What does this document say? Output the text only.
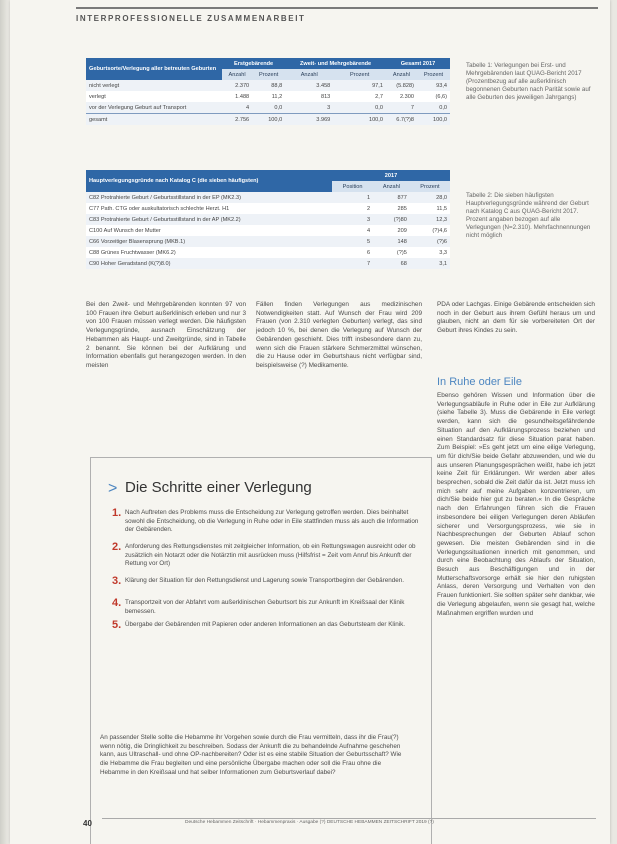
INTERPROFESSIONELLE ZUSAMMENARBEIT
Geburtsorte/Verlegung aller betreuten Geburten	Erstgebärende		Zweit- und Mehrgebärende		Gesamt 2017	
	Anzahl	Prozent	Anzahl	Prozent	Anzahl	Prozent
nicht verlegt	2.370	88,8	3.458	97,1	(5.828)	93,4
verlegt	1.488	11,2	813	2,7	2.300	(6,6)
vor der Verlegung Geburt auf Transport	4	0,0	3	0,0	7	0,0
gesamt	2.756	100,0	3.969	100,0	6.7(?)8	100,0
Tabelle 1: Verlegungen bei Erst- und Mehrgebärenden laut QUAG-Bericht 2017 (Prozentbezug auf alle außerklinisch begonnenen Geburten nach Parität sowie auf alle Geburten des jeweiligen Jahrgangs)
Hauptverlegungsgründe nach Katalog C (die sieben häufigsten)	2017		
	Position	Anzahl	Prozent
C82 Protrahierte Geburt / Geburtsstillstand in der EP (MK2.3)	1	877	28,0
C77 Path. CTG oder auskultatorisch schlechte Herzt. H1	2	285	11,5
C83 Protrahierte Geburt / Geburtsstillstand in der AP (MK2.2)	3	(?)80	12,3
C100 Auf Wunsch der Mutter	4	209	(?)4,6
C66 Vorzeitiger Blasensprung (MKB.1)	5	148	(?)6
C88 Grünes Fruchtwasser (MK6.2)	6	(?)5	3,3
C90 Hoher Geradstand (K(?)8.0)	7	68	3,1
Tabelle 2: Die sieben häufigsten Hauptverlegungsgründe während der Geburt nach Katalog C aus QUAG-Bericht 2017. Prozent angaben bezogen auf alle Verlegungen (N=2.310). Mehrfachnennungen nicht möglich
Bei den Zweit- und Mehrgebärenden konnten 97 von 100 Frauen ihre Geburt außerklinisch erleben und nur 3 von 100 Frauen müssen verlegt werden. Die häufigsten Verlegungsgründe, ausnach Einschätzung der Hebammen als Haupt- und Zweitgründe, sind in Tabelle 2 benannt. Sie können bei der Aufklärung und Information ebenfalls gut herangezogen werden. In den meisten
Fällen finden Verlegungen aus medizinischen Notwendigkeiten statt. Auf Wunsch der Frau wird 209 Frauen (von 2.310 verlegten Geburten) verlegt, das sind jedoch 10 %, bei denen die Verlegung auf Wunsch der Gebärenden geschieht. Dies trifft insbesondere dann zu, wenn sich die Frauen stärkere Schmerzmittel wünschen, die zu Hause oder im Geburtshaus nicht verfügbar sind, beispielsweise (?) Medikamente.
PDA oder Lachgas. Einige Gebärende entscheiden sich noch in der Geburt aus ihrem Gefühl heraus um und glauben, nicht an dem für sie vorbereiteten Ort der Geburt ihres Kindes zu sein.
In Ruhe oder Eile
Ebenso gehören Wissen und Information über die Verlegungsabläufe in Ruhe oder in Eile zur Aufklärung (siehe Tabelle 3). Muss die Gebärende in Eile verlegt werden, kann sich die gesundheitsgefährdende Situation auf den Aufklärungsprozess beziehen und einen Standardsatz für diese Situation parat haben. Zum Beispiel: »Es geht jetzt um eine eilige Verlegung, um für dich/Sie beide Gefahr abzuwenden, und wie du aus unseren Planungsgesprächen weißt, habe ich jetzt keine Zeit für Erklärungen. Wir werden aber alles besprechen, sobald die Zeit dafür da ist. Jetzt muss ich mich sehr auf meine Aufgaben konzentrieren, um dich/Sie beide hier gut zu beraten.« In die Gespräche nach den Erfahrungen führen sich die Frauen insbesondere bei eiligen Verlegungen deren Abläufen sicherer und Versorgungsprozess, wie sie in Nachbesprechungen der Geburten Ablauf schon gewesen. Die meisten Gebärenden sind in die Verlegungssituationen innerlich mit genommen, und durch eine Beobachtung des Ablaufs der Situation, Besuch aus Beschäftigungen und in der Mutterschaftsvorsorge erhält sie hier den ruhigsten Anlass, deren Versorgung und Verhalten von den Frauen funktioniert. Sie sollten später sehr dankbar, wie die Verlegung abgelaufen, wenn sie gesagt hat, welche Maßnahmen ergriffen wurden und
> Die Schritte einer Verlegung
1. Nach Auftreten des Problems muss die Entscheidung zur Verlegung getroffen werden. Dies beinhaltet sowohl die Entscheidung, ob die Verlegung in Ruhe oder in Eile stattfinden muss als auch die Information der Gebärenden.
2. Anforderung des Rettungsdienstes mit zeitgleicher Information, ob ein Rettungswagen ausreicht oder ob zusätzlich ein Notarzt oder die Notärztin mit ausrücken muss (Hilfsfrist = Zeit vom Anruf bis Ankunft der Rettung vor Ort)
3. Klärung der Situation für den Rettungsdienst und Lagerung sowie Transportbeginn der Gebärenden.
4. Transportzeit von der Abfahrt vom außerklinischen Geburtsort bis zur Ankunft im Kreißsaal der Klinik bemessen.
5. Übergabe der Gebärenden mit Papieren oder anderen Informationen an das Geburtsteam der Klinik.
An passender Stelle sollte die Hebamme ihr Vorgehen sowie durch die Frau vermitteln, dass ihr die Frau(?) wenn nötig, die Dringlichkeit zu beschreiben. Sodass der Ankunft die zu behandelnde Aufnahme geschehen kann, aus Ultraschall- und ohne OP-nachbereiten? Oder ist es eine stabile Situation der Geburtsschaft? Wie die Hebamme die Frau begleiten und eine persönliche Übergabe machen oder soll die Frau ohne die Hebamme in den Kreißsaal und hat selber Informationen zum Geburtsverlauf dabei?
40	Deutsche Hebammen Zeitschrift · Hebammenpraxis · Ausgabe (?) DEUTSCHE HEBAMMEN ZEITSCHRIFT 2019 (?)
